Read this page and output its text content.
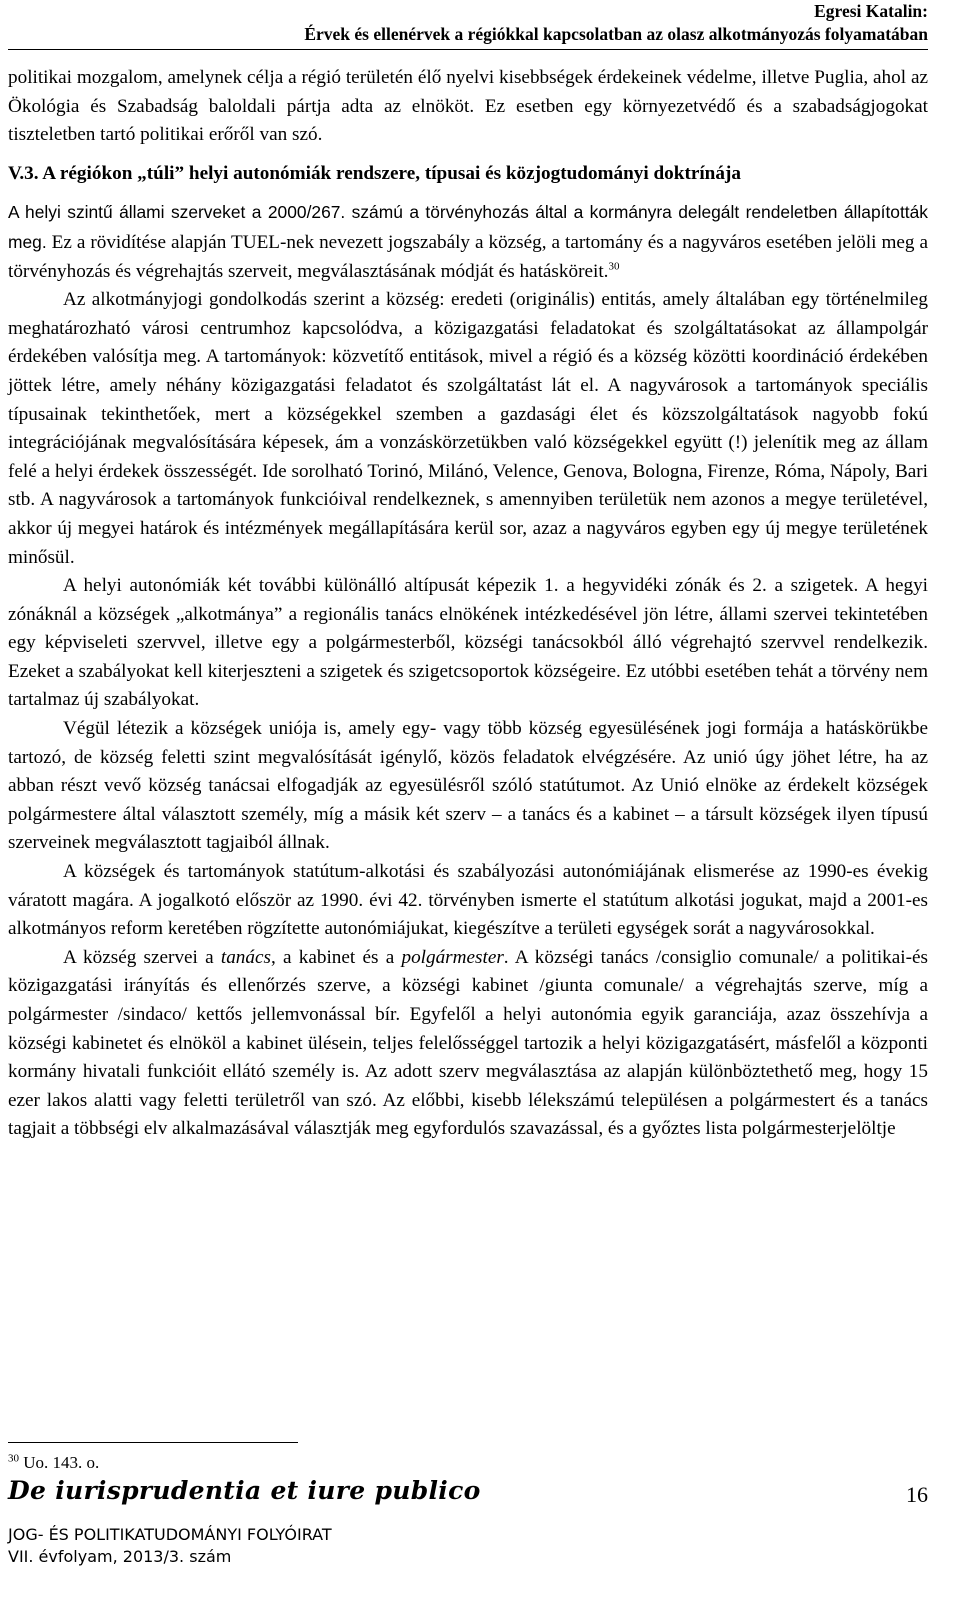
Egresi Katalin:
Érvek és ellenérvek a régiókkal kapcsolatban az olasz alkotmányozás folyamatában

politikai mozgalom, amelynek célja a régió területén élő nyelvi kisebbségek érdekeinek védelme, illetve Puglia, ahol az Ökológia és Szabadság baloldali pártja adta az elnököt. Ez esetben egy környezetvédő és a szabadságjogokat tiszteletben tartó politikai erőről van szó.

V.3. A régiókon „túli” helyi autonómiák rendszere, típusai és közjogtudományi doktrínája

A helyi szintű állami szerveket a 2000/267. számú a törvényhozás által a kormányra delegált rendeletben állapították meg. Ez a rövidítése alapján TUEL-nek nevezett jogszabály a község, a tartomány és a nagyváros esetében jelöli meg a törvényhozás és végrehajtás szerveit, megválasztásának módját és hatásköreit.$^{30}$

Az alkotmányjogi gondolkodás szerint a község: eredeti (originális) entitás, amely általában egy történelmileg meghatározható városi centrumhoz kapcsolódva, a közigazgatási feladatokat és szolgáltatásokat az állampolgár érdekében valósítja meg. A tartományok: közvetítő entitások, mivel a régió és a község közötti koordináció érdekében jöttek létre, amely néhány közigazgatási feladatot és szolgáltatást lát el. A nagyvárosok a tartományok speciális típusainak tekinthetőek, mert a községekkel szemben a gazdasági élet és közszolgáltatások nagyobb fokú integrációjának megvalósítására képesek, ám a vonzáskörzetükben való községekkel együtt (!) jelenítik meg az állam felé a helyi érdekek összességét. Ide sorolható Torinó, Milánó, Velence, Genova, Bologna, Firenze, Róma, Nápoly, Bari stb. A nagyvárosok a tartományok funkcióival rendelkeznek, s amennyiben területük nem azonos a megye területével, akkor új megyei határok és intézmények megállapítására kerül sor, azaz a nagyváros egyben egy új megye területének minősül.

A helyi autonómiák két további különálló altípusát képezik 1. a hegyvidéki zónák és 2. a szigetek. A hegyi zónáknál a községek „alkotmánya” a regionális tanács elnökének intézkedésével jön létre, állami szervei tekintetében egy képviseleti szervvel, illetve egy a polgármesterből, községi tanácsokból álló végrehajtó szervvel rendelkezik. Ezeket a szabályokat kell kiterjeszteni a szigetek és szigetcsoportok községeire. Ez utóbbi esetében tehát a törvény nem tartalmaz új szabályokat.

Végül létezik a községek uniója is, amely egy- vagy több község egyesülésének jogi formája a hatáskörükbe tartozó, de község feletti szint megvalósítását igénylő, közös feladatok elvégzésére. Az unió úgy jöhet létre, ha az abban részt vevő község tanácsai elfogadják az egyesülésről szóló statútumot. Az Unió elnöke az érdekelt községek polgármestere által választott személy, míg a másik két szerv – a tanács és a kabinet – a társult községek ilyen típusú szerveinek megválasztott tagjaiból állnak.

A községek és tartományok statútum-alkotási és szabályozási autonómiájának elismerése az 1990-es évekig váratott magára. A jogalkotó először az 1990. évi 42. törvényben ismerte el statútum alkotási jogukat, majd a 2001-es alkotmányos reform keretében rögzítette autonómiájukat, kiegészítve a területi egységek sorát a nagyvárosokkal.

A község szervei a tanács, a kabinet és a polgármester. A községi tanács /consiglio comunale/ a politikai-és közigazgatási irányítás és ellenőrzés szerve, a községi kabinet /giunta comunale/ a végrehajtás szerve, míg a polgármester /sindaco/ kettős jellemvonással bír. Egyfelől a helyi autonómia egyik garanciája, azaz összehívja a községi kabinetet és elnököl a kabinet ülésein, teljes felelősséggel tartozik a helyi közigazgatásért, másfelől a központi kormány hivatali funkcióit ellátó személy is. Az adott szerv megválasztása az alapján különböztethető meg, hogy 15 ezer lakos alatti vagy feletti területről van szó. Az előbbi, kisebb lélekszámú településen a polgármestert és a tanács tagjait a többségi elv alkalmazásával választják meg egyfordulós szavazással, és a győztes lista polgármesterjelöltje

$^{30}$ Uo. 143. o.
De iurisprudentia et iure publico	16
JOG- ÉS POLITIKATUDOMÁNYI FOLYÓIRAT
VII. évfolyam, 2013/3. szám
